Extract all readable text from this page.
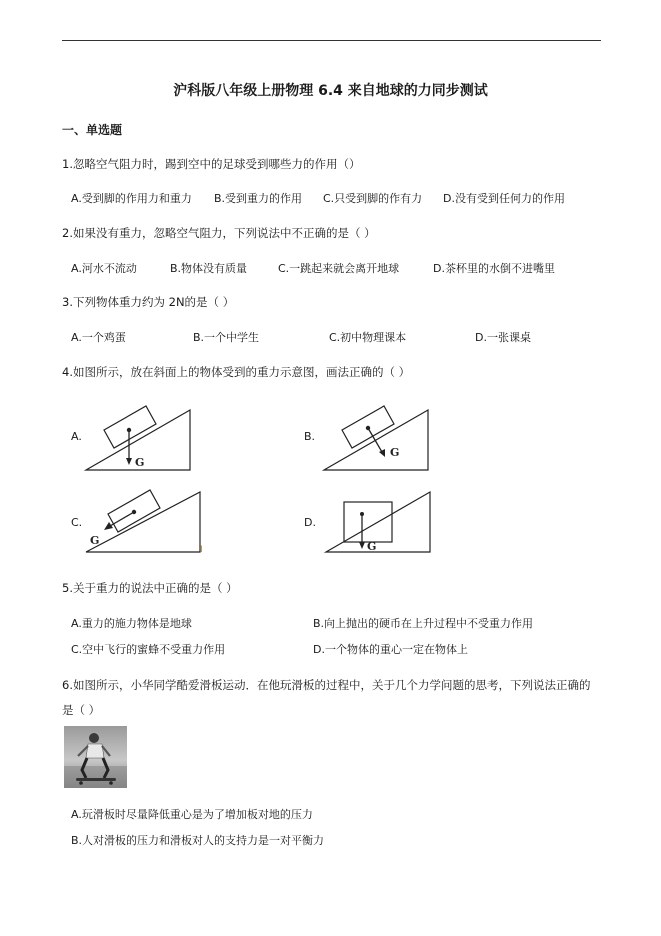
沪科版八年级上册物理 6.4 来自地球的力同步测试
一、单选题
1.忽略空气阻力时，踢到空中的足球受到哪些力的作用（）
A.受到脚的作用力和重力 B.受到重力的作用 C.只受到脚的作有力 D.没有受到任何力的作用
2.如果没有重力，忽略空气阻力，下列说法中不正确的是（ ）
A.河水不流动	B.物体没有质量	C.一跳起来就会离开地球	D.茶杯里的水倒不进嘴里
3.下列物体重力约为 2N的是（ ）
A.一个鸡蛋	B.一个中学生	C.初中物理课本	D.一张课桌
4.如图所示，放在斜面上的物体受到的重力示意图，画法正确的（ ）
A.
G
B.
G
C.
G
I
D.
G
5.关于重力的说法中正确的是（ ）
A.重力的施力物体是地球	B.向上抛出的硬币在上升过程中不受重力作用
C.空中飞行的蜜蜂不受重力作用	D.一个物体的重心一定在物体上
6.如图所示，小华同学酷爱滑板运动．在他玩滑板的过程中，关于几个力学问题的思考，下列说法正确的
是（ ）
A.玩滑板时尽量降低重心是为了增加板对地的压力
B.人对滑板的压力和滑板对人的支持力是一对平衡力
